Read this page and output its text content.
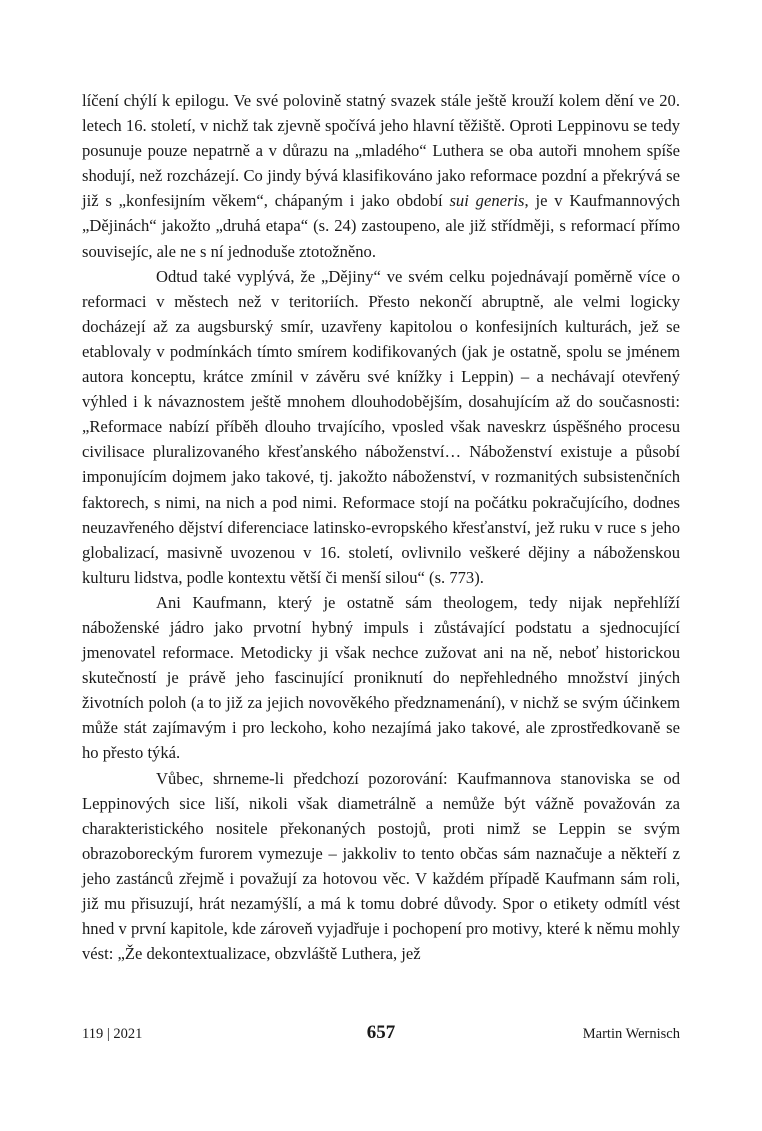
líčení chýlí k epilogu. Ve své polovině statný svazek stále ještě krouží kolem dění ve 20. letech 16. století, v nichž tak zjevně spočívá jeho hlavní těžiště. Oproti Leppinovu se tedy posunuje pouze nepatrně a v důrazu na „mladého“ Luthera se oba autoři mnohem spíše shodují, než rozcházejí. Co jindy bývá klasifikováno jako reformace pozdní a překrývá se již s „konfesijním věkem“, chápaným i jako období sui generis, je v Kaufmannových „Dějinách“ jakožto „druhá etapa“ (s. 24) zastoupeno, ale již střídměji, s reformací přímo souvisejíc, ale ne s ní jednoduše ztotožněno.

Odtud také vyplývá, že „Dějiny“ ve svém celku pojednávají poměrně více o reformaci v městech než v teritoriích. Přesto nekončí abruptně, ale velmi logicky docházejí až za augsburský smír, uzavřeny kapitolou o konfesijních kulturách, jež se etablovaly v podmínkách tímto smírem kodifikovaných (jak je ostatně, spolu se jménem autora konceptu, krátce zmínil v závěru své knížky i Leppin) – a nechávají otevřený výhled i k návaznostem ještě mnohem dlouhodobějším, dosahujícím až do současnosti: „Reformace nabízí příběh dlouho trvajícího, vposled však naveskrz úspěšného procesu civilisace pluralizovaného křesťanského náboženství… Náboženství existuje a působí imponujícím dojmem jako takové, tj. jakožto náboženství, v rozmanitých subsistenčních faktorech, s nimi, na nich a pod nimi. Reformace stojí na počátku pokračujícího, dodnes neuzavřeného dějství diferenciace latinsko-evropského křesťanství, jež ruku v ruce s jeho globalizací, masivně uvozenou v 16. století, ovlivnilo veškeré dějiny a náboženskou kulturu lidstva, podle kontextu větší či menší silou“ (s. 773).

Ani Kaufmann, který je ostatně sám theologem, tedy nijak nepřehlíží náboženské jádro jako prvotní hybný impuls i zůstávající podstatu a sjednocující jmenovatel reformace. Metodicky ji však nechce zužovat ani na ně, neboť historickou skutečností je právě jeho fascinující proniknutí do nepřehledného množství jiných životních poloh (a to již za jejich novověkého předznamenání), v nichž se svým účinkem může stát zajímavým i pro leckoho, koho nezajímá jako takové, ale zprostředkovaně se ho přesto týká.

Vůbec, shrneme-li předchozí pozorování: Kaufmannova stanoviska se od Leppinových sice liší, nikoli však diametrálně a nemůže být vážně považován za charakteristického nositele překonaných postojů, proti nimž se Leppin se svým obrazoboreckým furorem vymezuje – jakkoliv to tento občas sám naznačuje a někteří z jeho zastánců zřejmě i považují za hotovou věc. V každém případě Kaufmann sám roli, již mu přisuzují, hrát nezamýšlí, a má k tomu dobré důvody. Spor o etikety odmítl vést hned v první kapitole, kde zároveň vyjadřuje i pochopení pro motivy, které k němu mohly vést: „Že dekontextualizace, obzvláště Luthera, jež

119 | 2021	657	Martin Wernisch
